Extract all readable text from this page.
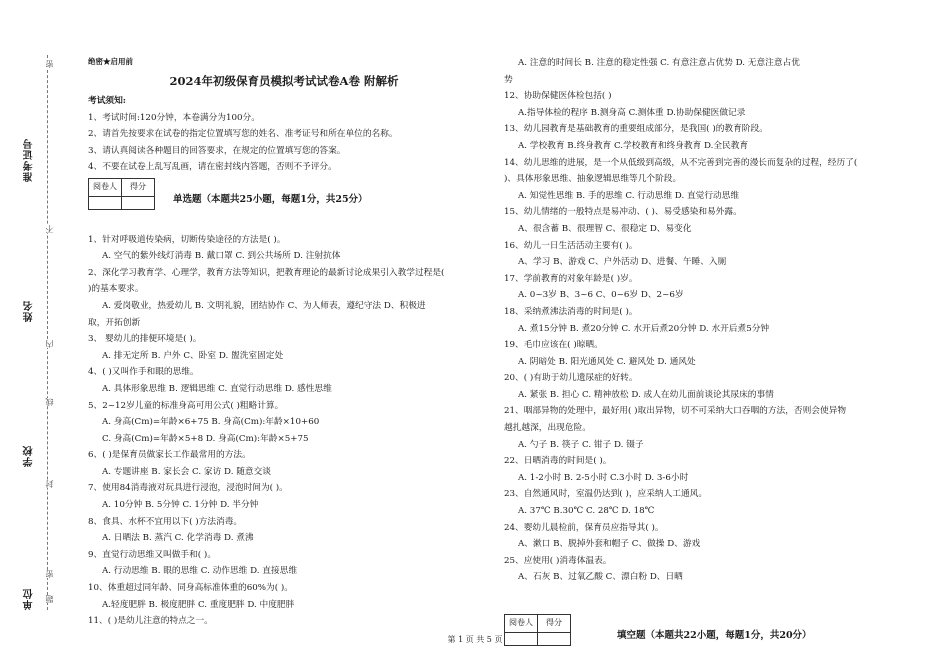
密
不
内
线
封
密
题
准考证号
姓名
学校
单位
绝密★启用前
2024年初级保育员模拟考试试卷A卷 附解析
考试须知:
1、考试时间:120分钟，本卷满分为100分。
2、请首先按要求在试卷的指定位置填写您的姓名、准考证号和所在单位的名称。
3、请认真阅读各种题目的回答要求，在规定的位置填写您的答案。
4、不要在试卷上乱写乱画，请在密封线内答题，否则不予评分。
阅卷人	得分

单选题（本题共25小题，每题1分，共25分）
1、针对呼吸道传染病，切断传染途径的方法是( )。
A. 空气的紫外线灯消毒 B. 戴口罩 C. 到公共场所 D. 注射抗体
2、深化学习教育学、心理学，教育方法等知识，把教育理论的最新讨论成果引入教学过程是(
)的基本要求。
A. 爱岗敬业，热爱幼儿 B. 文明礼貌，团结协作 C、为人师表，遵纪守法 D、积极进
取，开拓创新
3、 婴幼儿的排便环境是( )。
A. 排无定所 B. 户外 C、卧室 D. 盥洗室固定处
4、( )又叫作手和眼的思维。
A. 具体形象思维 B. 逻辑思维 C. 直觉行动思维 D. 感性思维
5、2~12岁儿童的标准身高可用公式( )粗略计算。
A. 身高(Cm)=年龄×6+75 B. 身高(Cm):年龄×10+60
C. 身高(Cm)=年龄×5+8 D. 身高(Cm):年龄×5+75
6、( )是保育员做家长工作最常用的方法。
A. 专题讲座 B. 家长会 C. 家访 D. 随意交谈
7、使用84消毒液对玩具进行浸泡，浸泡时间为( )。
A. 10分钟 B. 5分钟 C. 1分钟 D. 半分钟
8、食具、水杯不宜用以下( )方法消毒。
A. 日晒法 B. 蒸汽 C. 化学消毒 D. 煮沸
9、直觉行动思维又叫做手和( )。
A. 行动思维 B. 眼的思维 C. 动作思维 D. 直接思维
10、体重超过同年龄、同身高标准体重的60%为( )。
A.轻度肥胖 B. 极度肥胖 C. 重度肥胖 D. 中度肥胖
11、( )是幼儿注意的特点之一。
A. 注意的时间长 B. 注意的稳定性强 C. 有意注意占优势 D. 无意注意占优
势
12、协助保健医体检包括( )
A.指导体检的程序 B.测身高 C.测体重 D.协助保健医做记录
13、幼儿园教育是基础教育的重要组成部分，是我国( )的教育阶段。
A. 学校教育 B.终身教育 C.学校教育和终身教育 D.全民教育
14、幼儿思维的进展，是一个从低级到高级，从不完善到完善的漫长而复杂的过程，经历了(
)、具体形象思维、抽象逻辑思维等几个阶段。
A. 知觉性思维 B. 手的思维 C. 行动思维 D. 直觉行动思维
15、幼儿情绪的一般特点是易冲动、( )、易受感染和易外露。
A、很含蓄 B、很理智 C、很稳定 D、易变化
16、幼儿一日生活活动主要有( )。
A、学习 B、游戏 C、户外活动 D、进餐、午睡、入厕
17、学前教育的对象年龄是( )岁。
A. 0~3岁 B、3~6 C、0~6岁 D、2~6岁
18、采纳煮沸法消毒的时间是( )。
A. 煮15分钟 B. 煮20分钟 C. 水开后煮20分钟 D. 水开后煮5分钟
19、毛巾应该在( )晾晒。
A. 阴暗处 B. 阳光通风处 C. 避风处 D. 通风处
20、( )有助于幼儿遗尿症的好转。
A. 紧张 B. 担心 C. 精神放松 D. 成人在幼儿面前谈论其尿床的事情
21、咽部异物的处理中，最好用( )取出异物，切不可采纳大口吞咽的方法，否则会使异物
越扎越深，出现危险。
A. 勺子 B. 筷子 C. 钳子 D. 镊子
22、日晒消毒的时间是( )。
A. 1-2小时 B. 2-5小时 C.3小时 D. 3-6小时
23、自然通风时，室温仍达到( )，应采纳人工通风。
A. 37℃ B.30℃ C. 28℃ D. 18℃
24、婴幼儿晨检前，保育员应指导其( )。
A、漱口 B、脱掉外套和帽子 C、做操 D、游戏
25、应使用( )消毒体温表。
A、石灰 B、过氧乙酸 C、漂白粉 D、日晒
阅卷人	得分

填空题（本题共22小题，每题1分，共20分）
第 1 页 共 5 页
